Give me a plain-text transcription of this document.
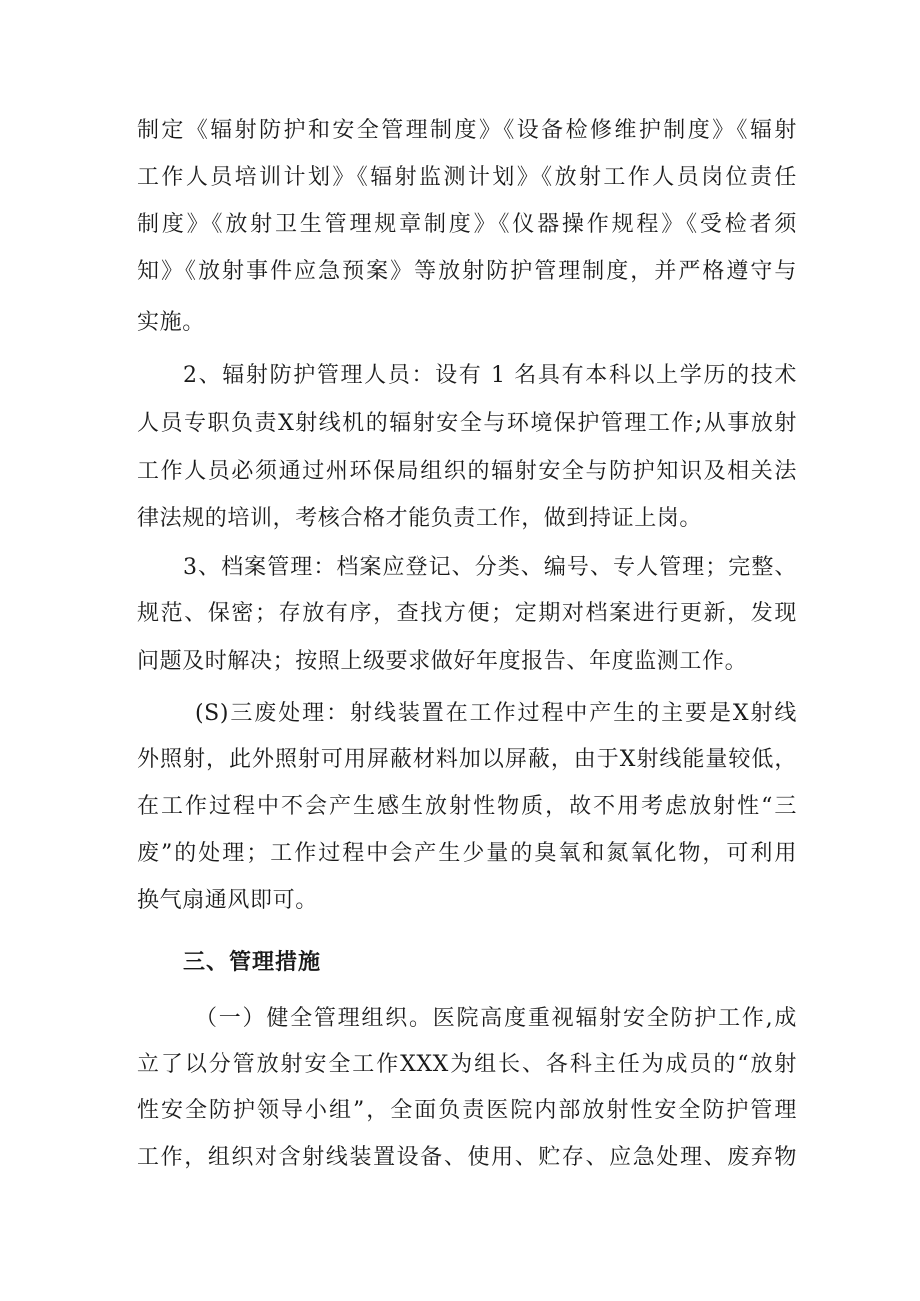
制定《辐射防护和安全管理制度》《设备检修维护制度》《辐射
工作人员培训计划》《辐射监测计划》《放射工作人员岗位责任
制度》《放射卫生管理规章制度》《仪器操作规程》《受检者须
知》《放射事件应急预案》等放射防护管理制度，并严格遵守与
实施。
2、辐射防护管理人员：设有 1 名具有本科以上学历的技术
人员专职负责X射线机的辐射安全与环境保护管理工作;从事放射
工作人员必须通过州环保局组织的辐射安全与防护知识及相关法
律法规的培训，考核合格才能负责工作，做到持证上岗。
3、档案管理：档案应登记、分类、编号、专人管理；完整、
规范、保密；存放有序，查找方便；定期对档案进行更新，发现
问题及时解决；按照上级要求做好年度报告、年度监测工作。
(S)三废处理：射线装置在工作过程中产生的主要是X射线
外照射，此外照射可用屏蔽材料加以屏蔽，由于X射线能量较低，
在工作过程中不会产生感生放射性物质，故不用考虑放射性“三
废”的处理；工作过程中会产生少量的臭氧和氮氧化物，可利用
换气扇通风即可。
三、管理措施
（一）健全管理组织。医院高度重视辐射安全防护工作,成
立了以分管放射安全工作XXX为组长、各科主任为成员的“放射
性安全防护领导小组”，全面负责医院内部放射性安全防护管理
工作，组织对含射线装置设备、使用、贮存、应急处理、废弃物
